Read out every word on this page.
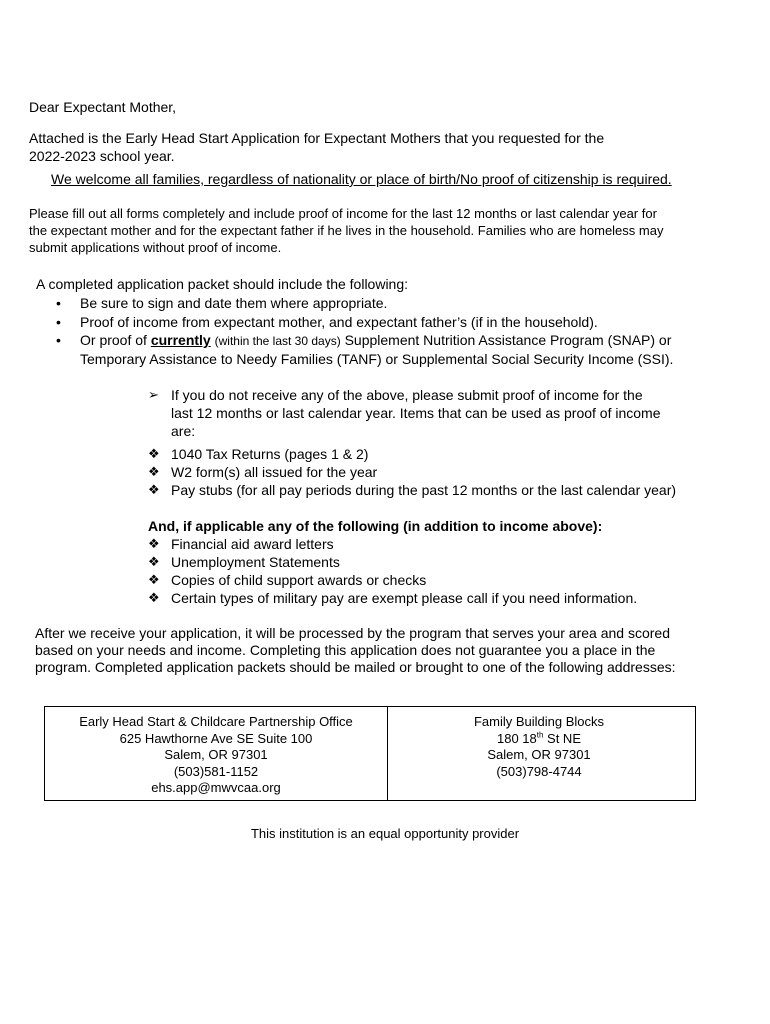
Dear Expectant Mother,
Attached is the Early Head Start Application for Expectant Mothers that you requested for the
2022-2023 school year.
We welcome all families, regardless of nationality or place of birth/No proof of citizenship is required.
Please fill out all forms completely and include proof of income for the last 12 months or last calendar year for
the expectant mother and for the expectant father if he lives in the household. Families who are homeless may
submit applications without proof of income.
A completed application packet should include the following:
• Be sure to sign and date them where appropriate.
• Proof of income from expectant mother, and expectant father’s (if in the household).
• Or proof of currently (within the last 30 days) Supplement Nutrition Assistance Program (SNAP) or
Temporary Assistance to Needy Families (TANF) or Supplemental Social Security Income (SSI).
➢ If you do not receive any of the above, please submit proof of income for the
last 12 months or last calendar year. Items that can be used as proof of income
are:
❖ 1040 Tax Returns (pages 1 & 2)
❖ W2 form(s) all issued for the year
❖ Pay stubs (for all pay periods during the past 12 months or the last calendar year)
And, if applicable any of the following (in addition to income above):
❖ Financial aid award letters
❖ Unemployment Statements
❖ Copies of child support awards or checks
❖ Certain types of military pay are exempt please call if you need information.
After we receive your application, it will be processed by the program that serves your area and scored
based on your needs and income. Completing this application does not guarantee you a place in the
program. Completed application packets should be mailed or brought to one of the following addresses:
Early Head Start & Childcare Partnership Office
625 Hawthorne Ave SE Suite 100
Salem, OR 97301
(503)581-1152
ehs.app@mwvcaa.org
Family Building Blocks
180 18th St NE
Salem, OR 97301
(503)798-4744
This institution is an equal opportunity provider
